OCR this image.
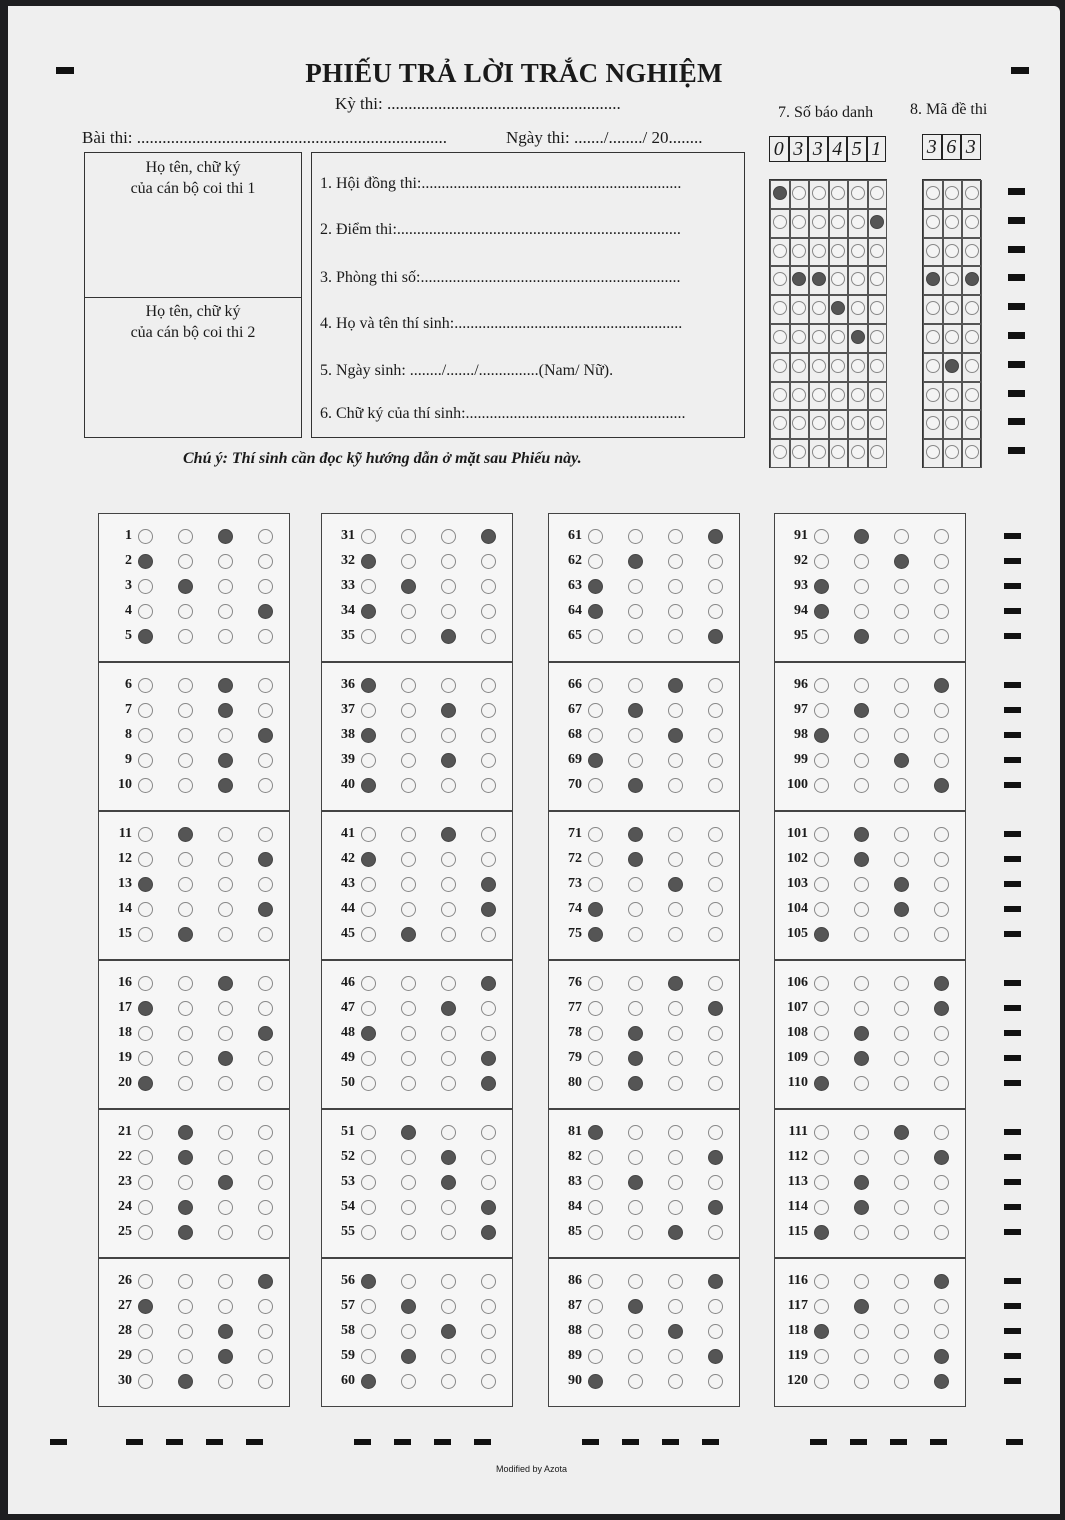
PHIẾU TRẢ LỜI TRẮC NGHIỆM
Kỳ thi: .......................................................
Bài thi: .........................................................................	Ngày thi: ......./......../ 20........
Họ tên, chữ ký
của cán bộ coi thi 1
Họ tên, chữ ký
của cán bộ coi thi 2
1. Hội đồng thi:.................................................................
2. Điểm thi:.......................................................................
3. Phòng thi số:.................................................................
4. Họ và tên thí sinh:.........................................................
5. Ngày sinh: ......../......./...............(Nam/ Nữ).
6. Chữ ký của thí sinh:.......................................................
Chú ý: Thí sinh cần đọc kỹ hướng dẫn ở mặt sau Phiếu này.
7. Số báo danh
0 3 3 4 5 1
8. Mã đề thi
3 6 3
1
2
3
4
5
6
7
8
9
10
11
12
13
14
15
16
17
18
19
20
21
22
23
24
25
26
27
28
29
30
31
32
33
34
35
36
37
38
39
40
41
42
43
44
45
46
47
48
49
50
51
52
53
54
55
56
57
58
59
60
61
62
63
64
65
66
67
68
69
70
71
72
73
74
75
76
77
78
79
80
81
82
83
84
85
86
87
88
89
90
91
92
93
94
95
96
97
98
99
100
101
102
103
104
105
106
107
108
109
110
111
112
113
114
115
116
117
118
119
120
Modified by Azota
